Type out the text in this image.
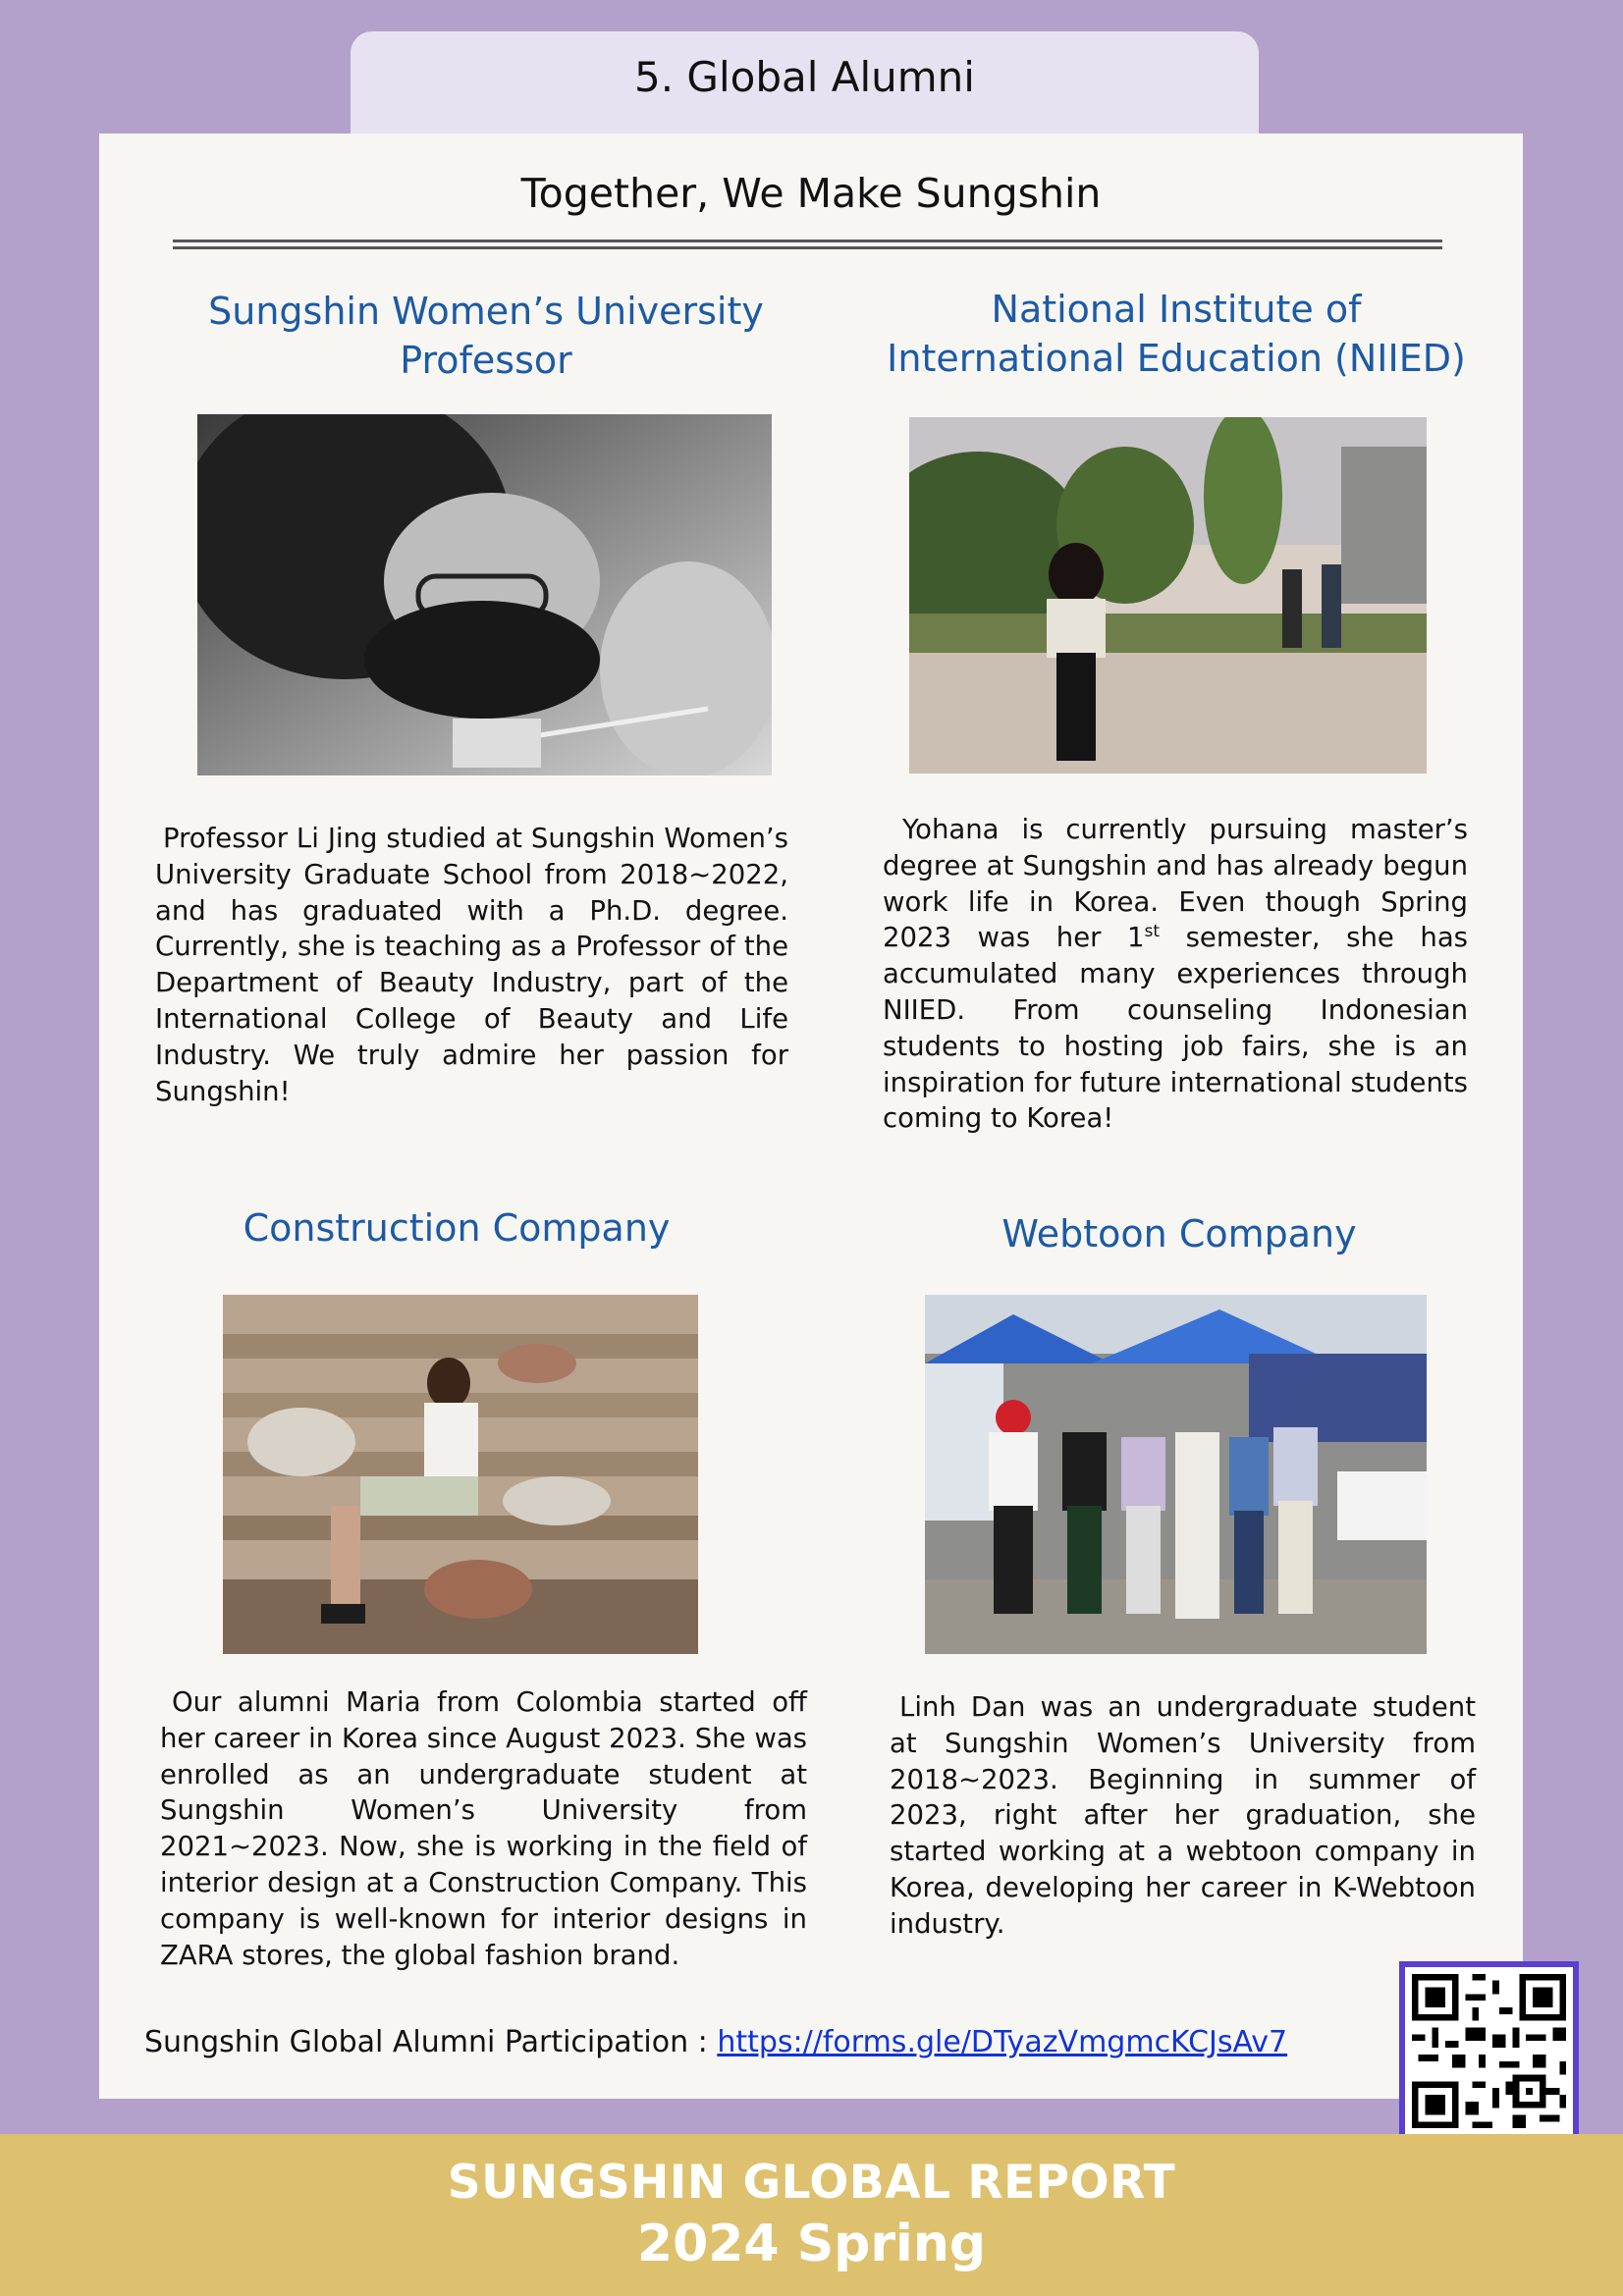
5. Global Alumni
Together, We Make Sungshin
Sungshin Women’s University
Professor
Professor Li Jing studied at Sungshin Women’s University Graduate School from 2018~2022, and has graduated with a Ph.D. degree. Currently, she is teaching as a Professor of the Department of Beauty Industry, part of the International College of Beauty and Life Industry. We truly admire her passion for Sungshin!
National Institute of
International Education (NIIED)
Yohana is currently pursuing master’s degree at Sungshin and has already begun work life in Korea. Even though Spring 2023 was her 1st semester, she has accumulated many experiences through NIIED. From counseling Indonesian students to hosting job fairs, she is an inspiration for future international students coming to Korea!
Construction Company
Our alumni Maria from Colombia started off her career in Korea since August 2023. She was enrolled as an undergraduate student at Sungshin Women’s University from 2021~2023. Now, she is working in the field of interior design at a Construction Company. This company is well-known for interior designs in ZARA stores, the global fashion brand.
Webtoon Company
Linh Dan was an undergraduate student at Sungshin Women’s University from 2018~2023. Beginning in summer of 2023, right after her graduation, she started working at a webtoon company in Korea, developing her career in K-Webtoon industry.
Sungshin Global Alumni Participation : https://forms.gle/DTyazVmgmcKCJsAv7
SUNGSHIN GLOBAL REPORT
2024 Spring
